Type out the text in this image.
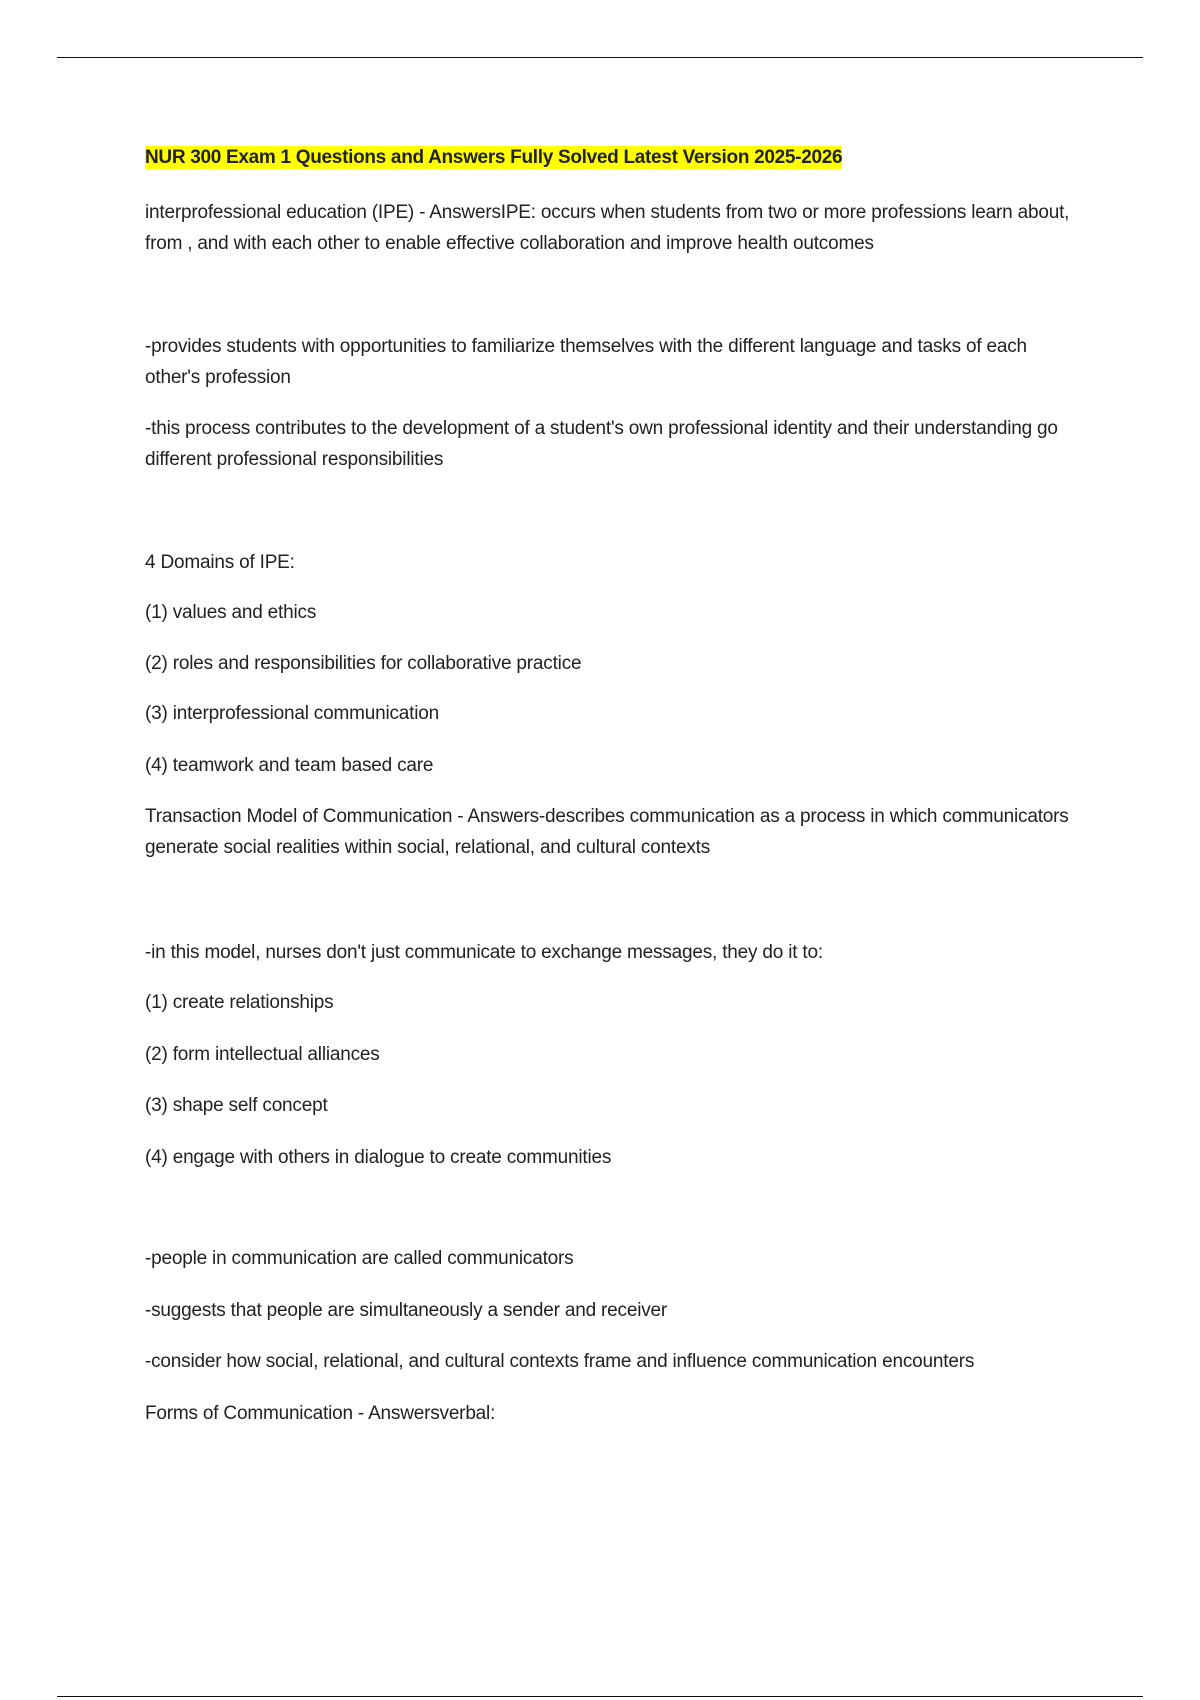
NUR 300 Exam 1 Questions and Answers Fully Solved Latest Version 2025-2026
interprofessional education (IPE) - AnswersIPE: occurs when students from two or more professions learn about, from , and with each other to enable effective collaboration and improve health outcomes
-provides students with opportunities to familiarize themselves with the different language and tasks of each other's profession
-this process contributes to the development of a student's own professional identity and their understanding go different professional responsibilities
4 Domains of IPE:
(1) values and ethics
(2) roles and responsibilities for collaborative practice
(3) interprofessional communication
(4) teamwork and team based care
Transaction Model of Communication - Answers-describes communication as a process in which communicators generate social realities within social, relational, and cultural contexts
-in this model, nurses don't just communicate to exchange messages, they do it to:
(1) create relationships
(2) form intellectual alliances
(3) shape self concept
(4) engage with others in dialogue to create communities
-people in communication are called communicators
-suggests that people are simultaneously a sender and receiver
-consider how social, relational, and cultural contexts frame and influence communication encounters
Forms of Communication - Answersverbal:
